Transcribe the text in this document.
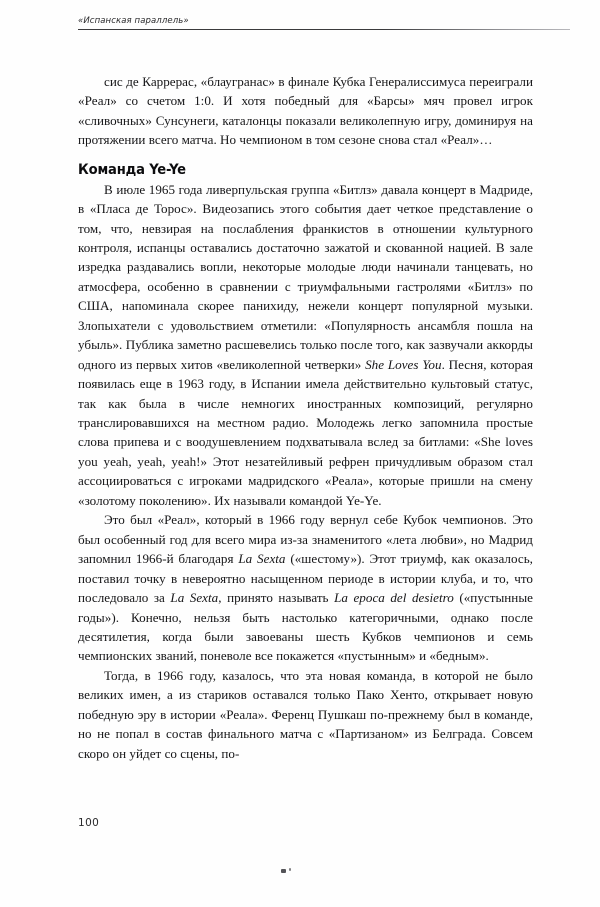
«Испанская параллель»

сис де Каррерас, «блаугранас» в финале Кубка Генералиссимуса переиграли «Реал» со счетом 1:0. И хотя победный для «Барсы» мяч провел игрок «сливочных» Сунсунеги, каталонцы показали великолепную игру, доминируя на протяжении всего матча. Но чемпионом в том сезоне снова стал «Реал»…

Команда Ye-Ye

В июле 1965 года ливерпульская группа «Битлз» давала концерт в Мадриде, в «Пласа де Торос». Видеозапись этого события дает четкое представление о том, что, невзирая на послабления франкистов в отношении культурного контроля, испанцы оставались достаточно зажатой и скованной нацией. В зале изредка раздавались вопли, некоторые молодые люди начинали танцевать, но атмосфера, особенно в сравнении с триумфальными гастролями «Битлз» по США, напоминала скорее панихиду, нежели концерт популярной музыки. Злопыхатели с удовольствием отметили: «Популярность ансамбля пошла на убыль». Публика заметно расшевелись только после того, как зазвучали аккорды одного из первых хитов «великолепной четверки» She Loves You. Песня, которая появилась еще в 1963 году, в Испании имела действительно культовый статус, так как была в числе немногих иностранных композиций, регулярно транслировавшихся на местном радио. Молодежь легко запомнила простые слова припева и с воодушевлением подхватывала вслед за битлами: «She loves you yeah, yeah, yeah!» Этот незатейливый рефрен причудливым образом стал ассоциироваться с игроками мадридского «Реала», которые пришли на смену «золотому поколению». Их называли командой Ye-Ye.

Это был «Реал», который в 1966 году вернул себе Кубок чемпионов. Это был особенный год для всего мира из-за знаменитого «лета любви», но Мадрид запомнил 1966-й благодаря La Sexta («шестому»). Этот триумф, как оказалось, поставил точку в невероятно насыщенном периоде в истории клуба, и то, что последовало за La Sexta, принято называть La epoca del desietro («пустынные годы»). Конечно, нельзя быть настолько категоричными, однако после десятилетия, когда были завоеваны шесть Кубков чемпионов и семь чемпионских званий, поневоле все покажется «пустынным» и «бедным».

Тогда, в 1966 году, казалось, что эта новая команда, в которой не было великих имен, а из стариков оставался только Пако Хенто, открывает новую победную эру в истории «Реала». Ференц Пушкаш по-прежнему был в команде, но не попал в состав финального матча с «Партизаном» из Белграда. Совсем скоро он уйдет со сцены, по-

100
